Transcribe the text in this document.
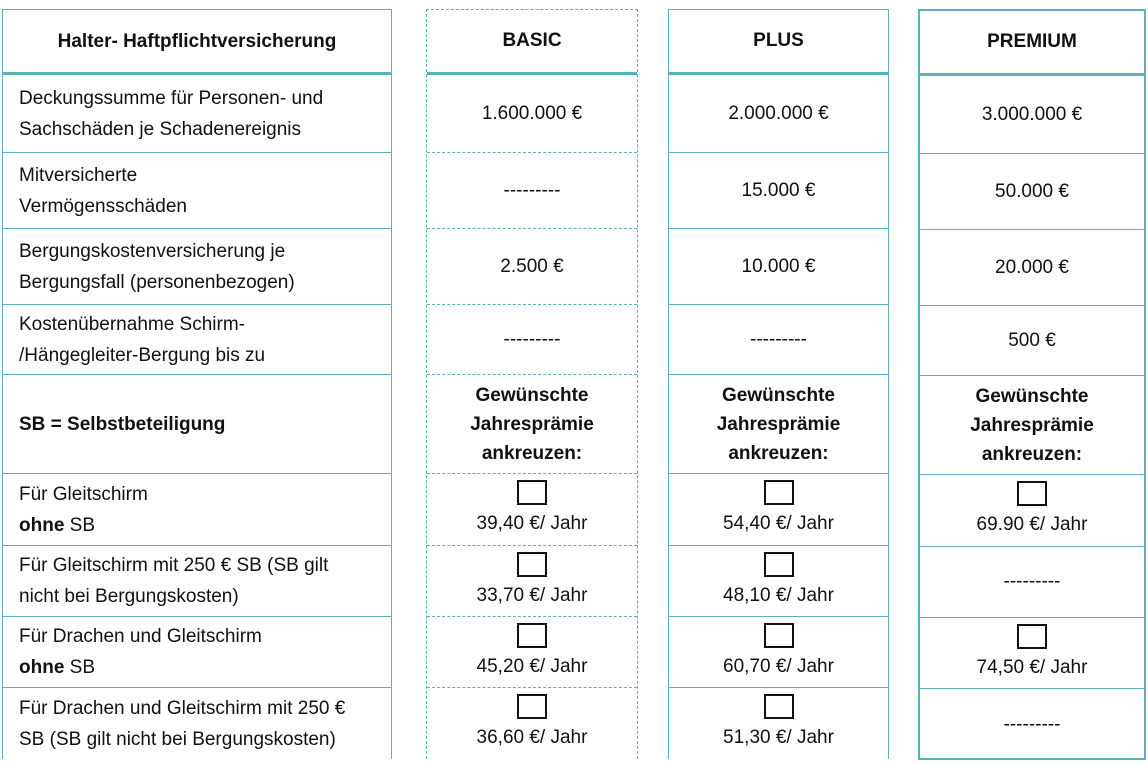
Halter- Haftpflichtversicherung
Deckungssumme für Personen- und
Sachschäden je Schadenereignis
Mitversicherte
Vermögensschäden
Bergungskostenversicherung je
Bergungsfall (personenbezogen)
Kostenübernahme Schirm-
/Hängegleiter-Bergung bis zu
SB = Selbstbeteiligung
Für Gleitschirm
ohne SB
Für Gleitschirm mit 250 € SB (SB gilt
nicht bei Bergungskosten)
Für Drachen und Gleitschirm
ohne SB
Für Drachen und Gleitschirm mit 250 €
SB (SB gilt nicht bei Bergungskosten)
BASIC
1.600.000 €
---------
2.500 €
---------
Gewünschte
Jahresprämie
ankreuzen:
39,40 €/ Jahr
33,70 €/ Jahr
45,20 €/ Jahr
36,60 €/ Jahr
PLUS
2.000.000 €
15.000 €
10.000 €
---------
Gewünschte
Jahresprämie
ankreuzen:
54,40 €/ Jahr
48,10 €/ Jahr
60,70 €/ Jahr
51,30 €/ Jahr
PREMIUM
3.000.000 €
50.000 €
20.000 €
500 €
Gewünschte
Jahresprämie
ankreuzen:
69.90 €/ Jahr
---------
74,50 €/ Jahr
---------
